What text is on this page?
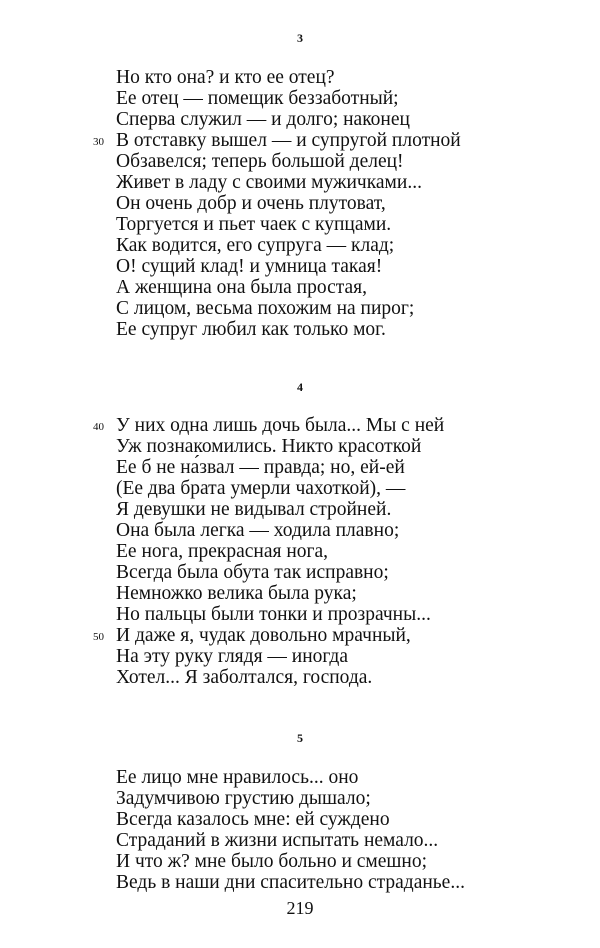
3
Но кто она? и кто ее отец?
Ее отец — помещик беззаботный;
Сперва служил — и долго; наконец
30 В отставку вышел — и супругой плотной
Обзавелся; теперь большой делец!
Живет в ладу с своими мужичками...
Он очень добр и очень плутоват,
Торгуется и пьет чаек с купцами.
Как водится, его супруга — клад;
О! сущий клад! и умница такая!
А женщина она была простая,
С лицом, весьма похожим на пирог;
Ее супруг любил как только мог.
4
40 У них одна лишь дочь была... Мы с ней
Уж познакомились. Никто красоткой
Ее б не на́звал — правда; но, ей-ей
(Ее два брата умерли чахоткой), —
Я девушки не видывал стройней.
Она была легка — ходила плавно;
Ее нога, прекрасная нога,
Всегда была обута так исправно;
Немножко велика была рука;
Но пальцы были тонки и прозрачны...
50 И даже я, чудак довольно мрачный,
На эту руку глядя — иногда
Хотел... Я заболтался, господа.
5
Ее лицо мне нравилось... оно
Задумчивою грустию дышало;
Всегда казалось мне: ей суждено
Страданий в жизни испытать немало...
И что ж? мне было больно и смешно;
Ведь в наши дни спасительно страданье...
219
